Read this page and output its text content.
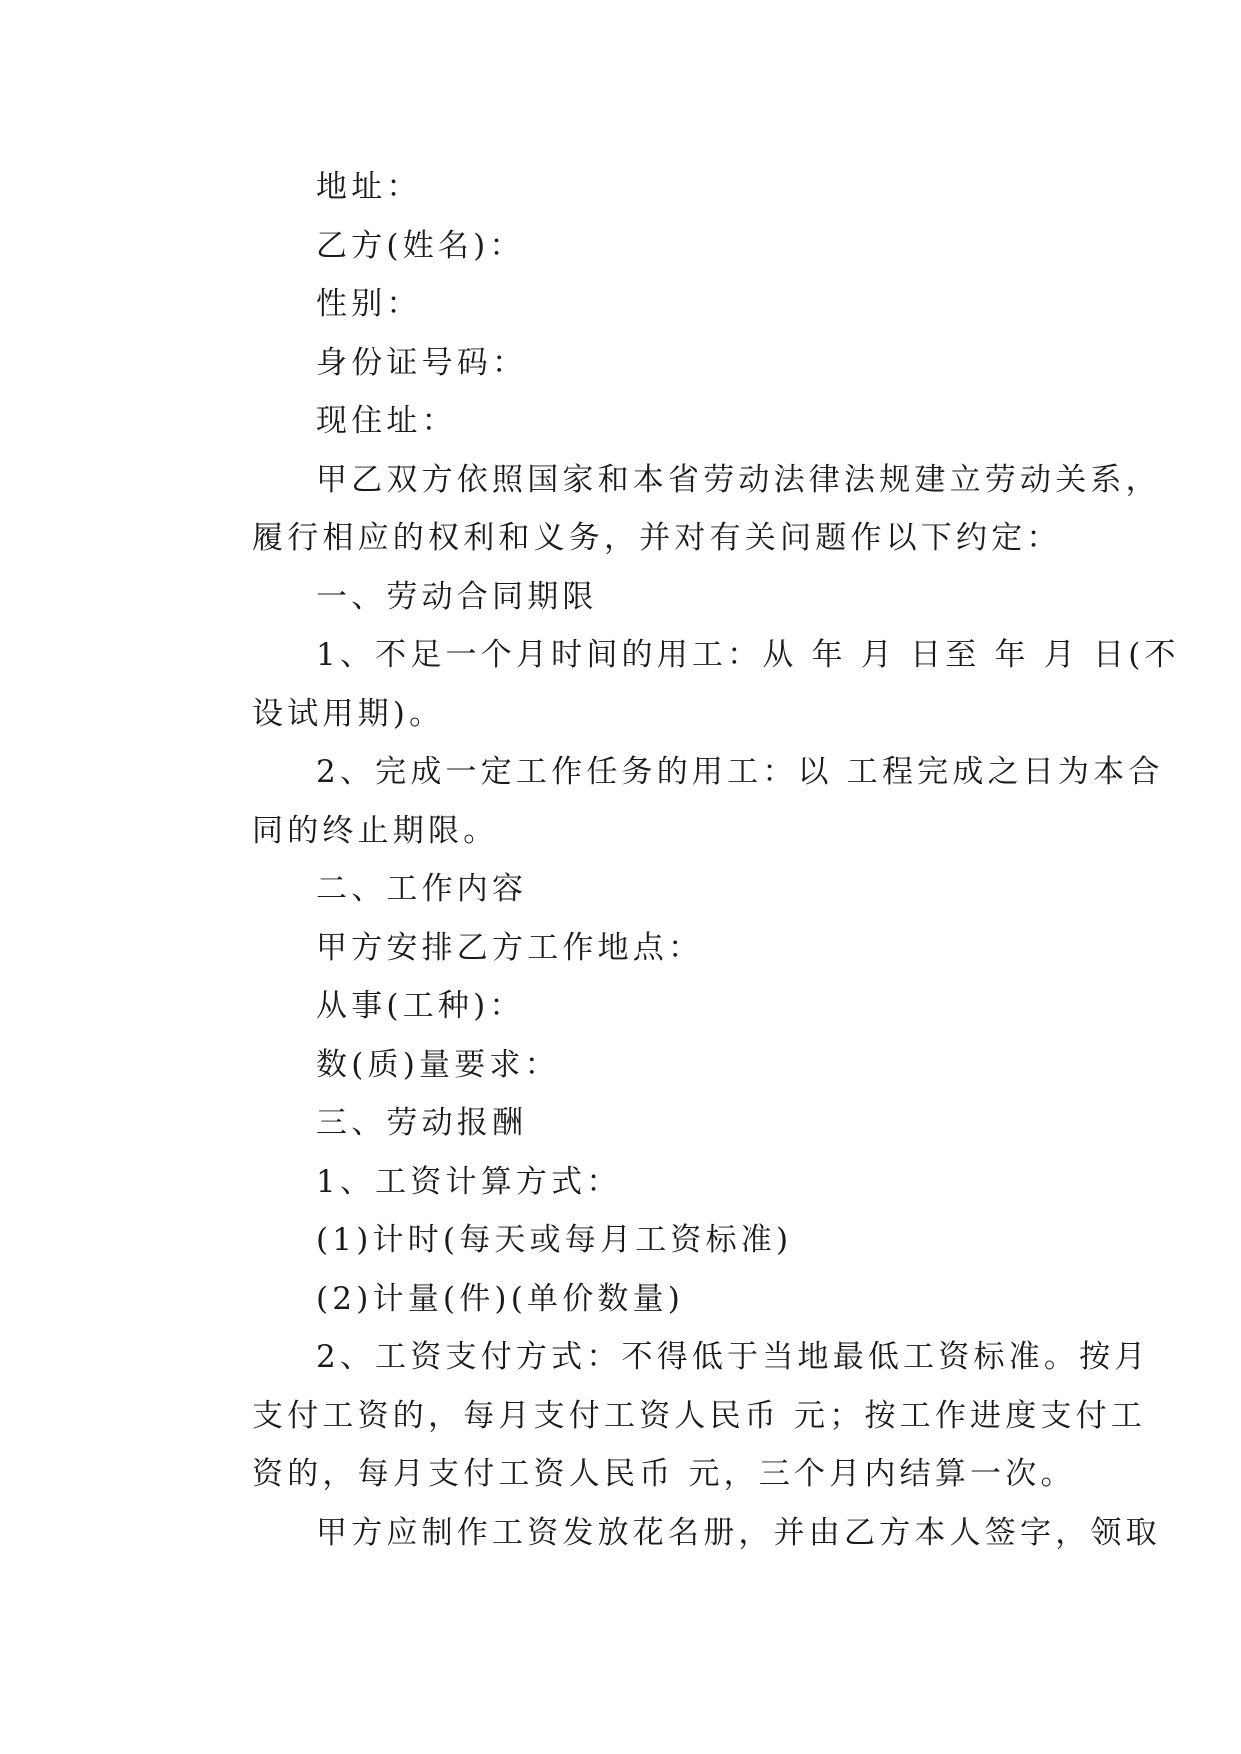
地址：
乙方(姓名)：
性别：
身份证号码：
现住址：
甲乙双方依照国家和本省劳动法律法规建立劳动关系，
履行相应的权利和义务，并对有关问题作以下约定：
一、劳动合同期限
1、不足一个月时间的用工：从 年 月 日至 年 月 日(不
设试用期)。
2、完成一定工作任务的用工：以 工程完成之日为本合
同的终止期限。
二、工作内容
甲方安排乙方工作地点：
从事(工种)：
数(质)量要求：
三、劳动报酬
1、工资计算方式：
(1)计时(每天或每月工资标准)
(2)计量(件)(单价数量)
2、工资支付方式：不得低于当地最低工资标准。按月
支付工资的，每月支付工资人民币 元；按工作进度支付工
资的，每月支付工资人民币 元，三个月内结算一次。
甲方应制作工资发放花名册，并由乙方本人签字，领取
